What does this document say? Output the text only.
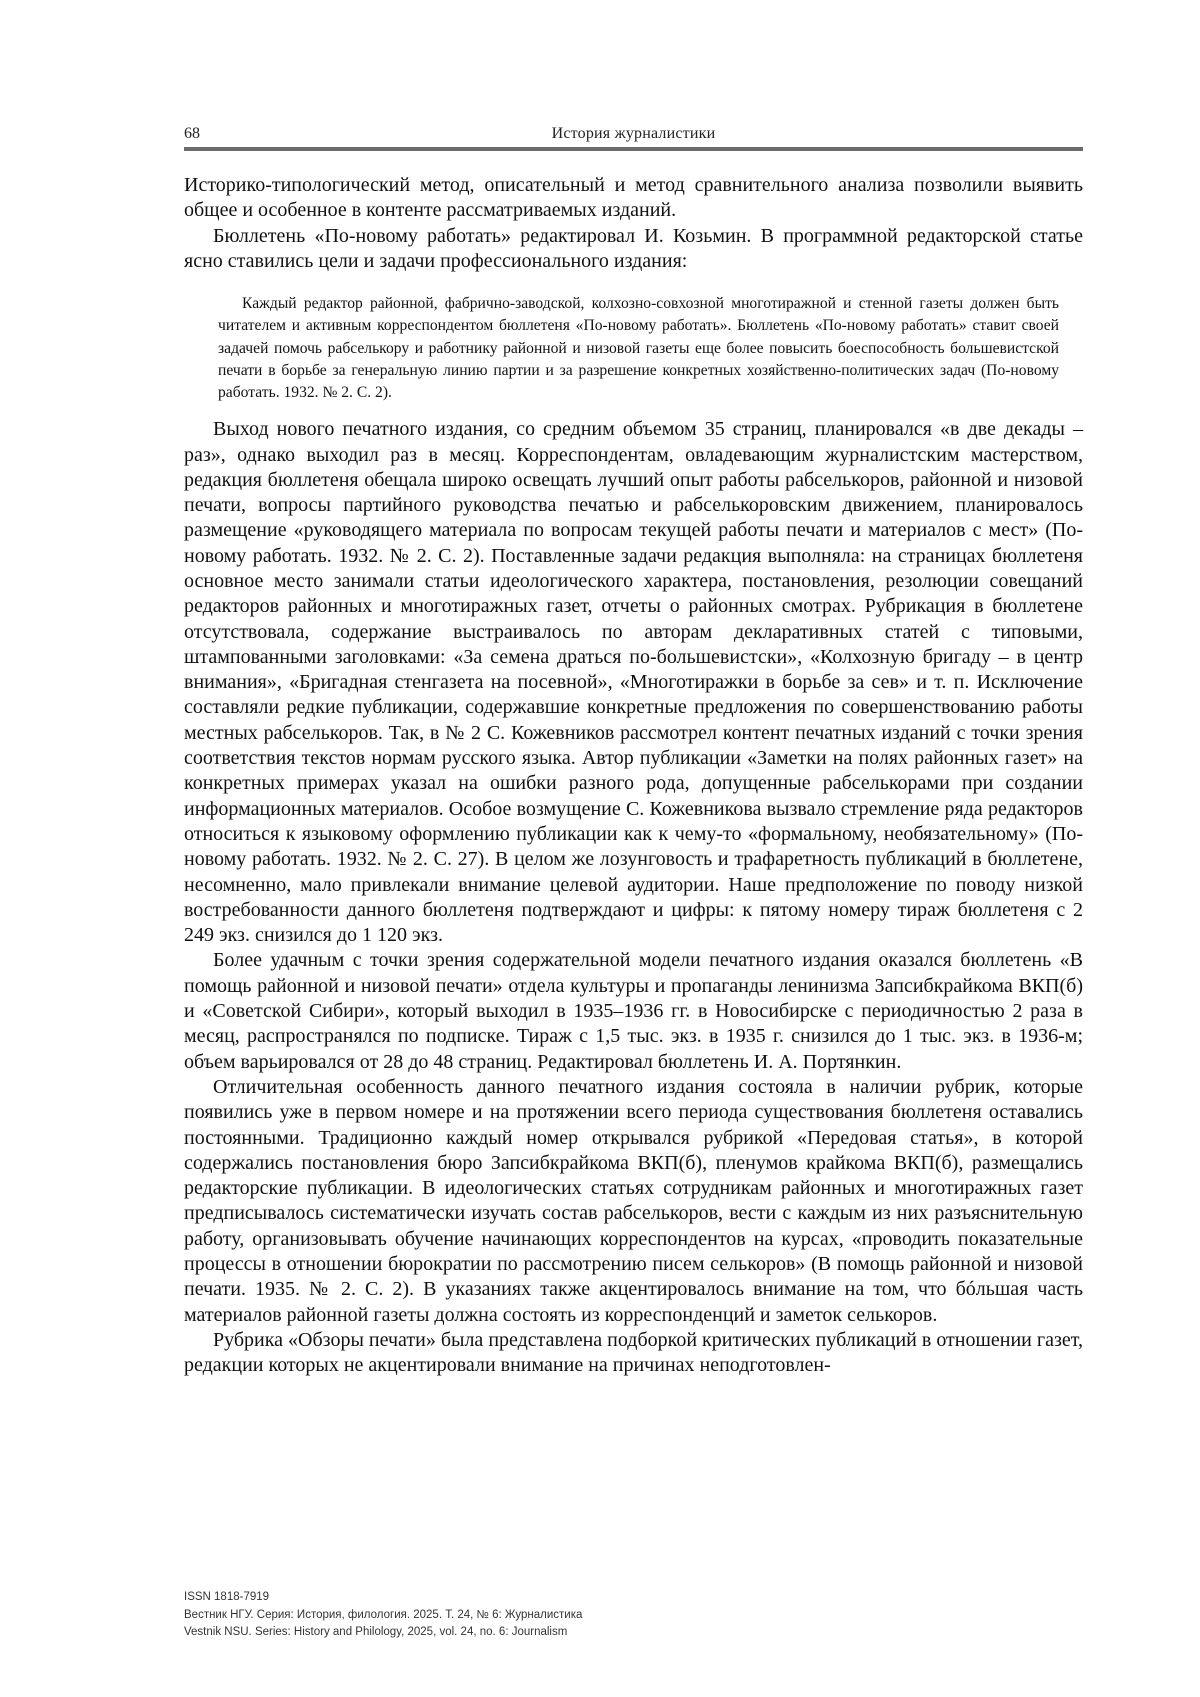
68	История журналистики

Историко-типологический метод, описательный и метод сравнительного анализа позволили выявить общее и особенное в контенте рассматриваемых изданий.

Бюллетень «По-новому работать» редактировал И. Козьмин. В программной редакторской статье ясно ставились цели и задачи профессионального издания:

Каждый редактор районной, фабрично-заводской, колхозно-совхозной многотиражной и стенной газеты должен быть читателем и активным корреспондентом бюллетеня «По-новому работать». Бюллетень «По-новому работать» ставит своей задачей помочь рабселькору и работнику районной и низовой газеты еще более повысить боеспособность большевистской печати в борьбе за генеральную линию партии и за разрешение конкретных хозяйственно-политических задач (По-новому работать. 1932. № 2. С. 2).

Выход нового печатного издания, со средним объемом 35 страниц, планировался «в две декады – раз», однако выходил раз в месяц. Корреспондентам, овладевающим журналистским мастерством, редакция бюллетеня обещала широко освещать лучший опыт работы рабселькоров, районной и низовой печати, вопросы партийного руководства печатью и рабселькоровским движением, планировалось размещение «руководящего материала по вопросам текущей работы печати и материалов с мест» (По-новому работать. 1932. № 2. С. 2). Поставленные задачи редакция выполняла: на страницах бюллетеня основное место занимали статьи идеологического характера, постановления, резолюции совещаний редакторов районных и многотиражных газет, отчеты о районных смотрах. Рубрикация в бюллетене отсутствовала, содержание выстраивалось по авторам декларативных статей с типовыми, штампованными заголовками: «За семена драться по-большевистски», «Колхозную бригаду – в центр внимания», «Бригадная стенгазета на посевной», «Многотиражки в борьбе за сев» и т. п. Исключение составляли редкие публикации, содержавшие конкретные предложения по совершенствованию работы местных рабселькоров. Так, в № 2 С. Кожевников рассмотрел контент печатных изданий с точки зрения соответствия текстов нормам русского языка. Автор публикации «Заметки на полях районных газет» на конкретных примерах указал на ошибки разного рода, допущенные рабселькорами при создании информационных материалов. Особое возмущение С. Кожевникова вызвало стремление ряда редакторов относиться к языковому оформлению публикации как к чему-то «формальному, необязательному» (По-новому работать. 1932. № 2. С. 27). В целом же лозунговость и трафаретность публикаций в бюллетене, несомненно, мало привлекали внимание целевой аудитории. Наше предположение по поводу низкой востребованности данного бюллетеня подтверждают и цифры: к пятому номеру тираж бюллетеня с 2 249 экз. снизился до 1 120 экз.

Более удачным с точки зрения содержательной модели печатного издания оказался бюллетень «В помощь районной и низовой печати» отдела культуры и пропаганды ленинизма Запсибкрайкома ВКП(б) и «Советской Сибири», который выходил в 1935–1936 гг. в Новосибирске с периодичностью 2 раза в месяц, распространялся по подписке. Тираж с 1,5 тыс. экз. в 1935 г. снизился до 1 тыс. экз. в 1936-м; объем варьировался от 28 до 48 страниц. Редактировал бюллетень И. А. Портянкин.

Отличительная особенность данного печатного издания состояла в наличии рубрик, которые появились уже в первом номере и на протяжении всего периода существования бюллетеня оставались постоянными. Традиционно каждый номер открывался рубрикой «Передовая статья», в которой содержались постановления бюро Запсибкрайкома ВКП(б), пленумов крайкома ВКП(б), размещались редакторские публикации. В идеологических статьях сотрудникам районных и многотиражных газет предписывалось систематически изучать состав рабселькоров, вести с каждым из них разъяснительную работу, организовывать обучение начинающих корреспондентов на курсах, «проводить показательные процессы в отношении бюрократии по рассмотрению писем селькоров» (В помощь районной и низовой печати. 1935. № 2. С. 2). В указаниях также акцентировалось внимание на том, что бóльшая часть материалов районной газеты должна состоять из корреспонденций и заметок селькоров.

Рубрика «Обзоры печати» была представлена подборкой критических публикаций в отношении газет, редакции которых не акцентировали внимание на причинах неподготовлен-

ISSN 1818-7919
Вестник НГУ. Серия: История, филология. 2025. Т. 24, № 6: Журналистика
Vestnik NSU. Series: History and Philology, 2025, vol. 24, no. 6: Journalism
